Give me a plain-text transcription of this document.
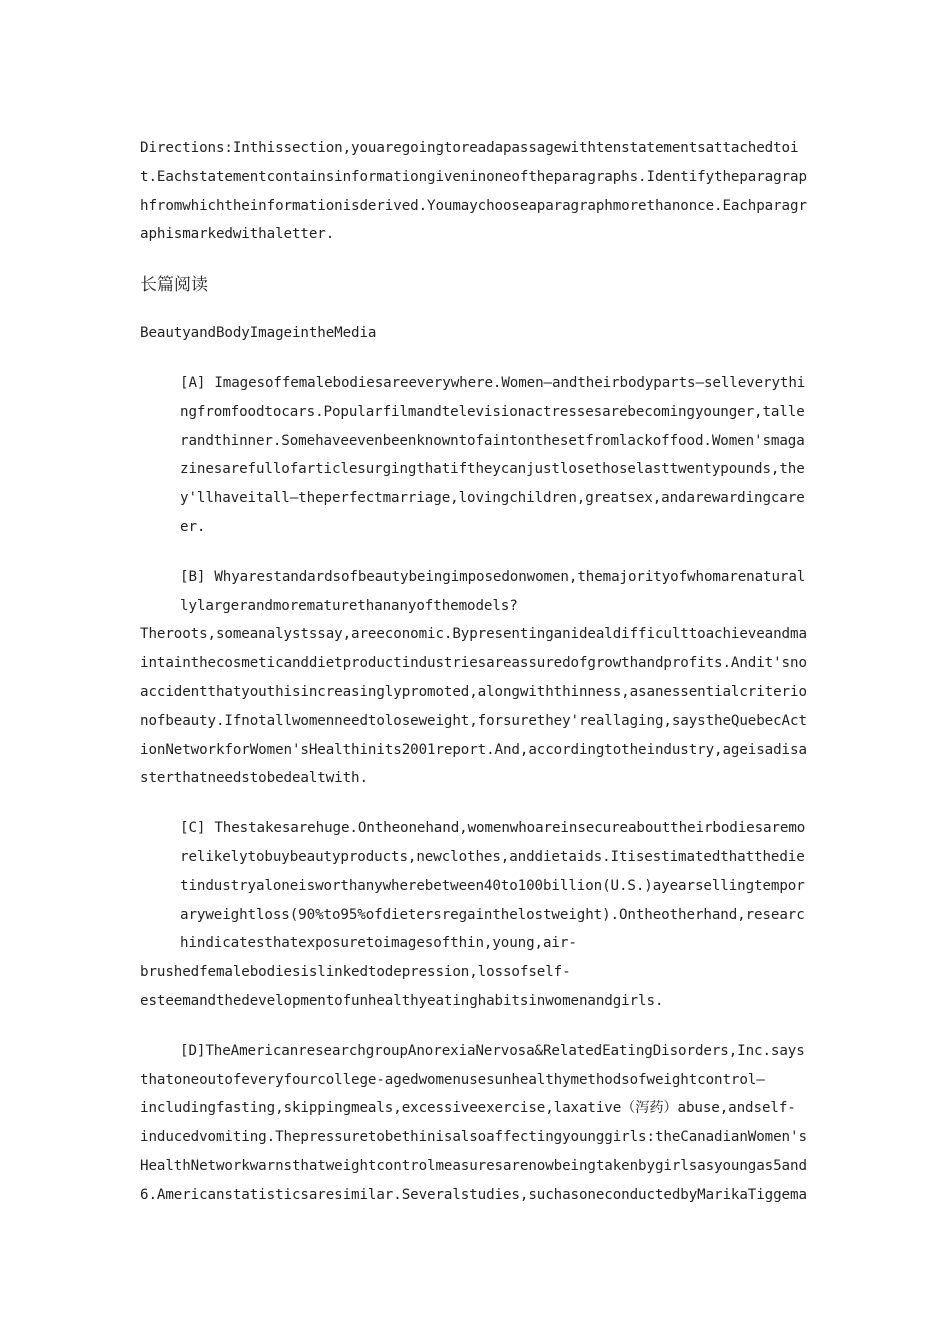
Directions:Inthissection,youaregoingtoreadapassagewithtenstatementsattachedtoit.Eachstatementcontainsinformationgiveninoneoftheparagraphs.Identifytheparagraphfromwhichtheinformationisderived.Youmaychooseaparagraphmorethanonce.Eachparagraphismarkedwithaletter.

长篇阅读

BeautyandBodyImageintheMedia

[A] Imagesoffemalebodiesareeverywhere.Women—andtheirbodyparts—selleverythingfromfoodtocars.Popularfilmandtelevisionactressesarebecomingyounger,tallerandthinner.Somehaveevenbeenknowntofaintonthesetfromlackoffood.Women'smagazinesarefullofarticlesurgingthatiftheycanjustlosethoselasttwentypounds,they'llhaveitall—theperfectmarriage,lovingchildren,greatsex,andarewardingcareer.

[B] Whyarestandardsofbeautybeingimposedonwomen,themajorityofwhomarenaturallylargerandmorematurethananyofthemodels?

Theroots,someanalystssay,areeconomic.Bypresentinganidealdifficulttoachieveandmaintainthecosmeticanddietproductindustriesareassuredofgrowthandprofits.Andit'snoaccidentthatyouthisincreasinglypromoted,alongwiththinness,asanessentialcriterionofbeauty.Ifnotallwomenneedtoloseweight,forsurethey'reallaging,saystheQuebecActionNetworkforWomen'sHealthinits2001report.And,accordingtotheindustry,ageisadisasterthatneedstobedealtwith.

[C] Thestakesarehuge.Ontheonehand,womenwhoareinsecureabouttheirbodiesaremorelikelytobuybeautyproducts,newclothes,anddietaids.Itisestimatedthatthedietindustryaloneisworthanywherebetween40to100billion(U.S.)ayearsellingtemporaryweightloss(90%to95%ofdietersregainthelostweight).Ontheotherhand,researchindicatesthatexposuretoimagesofthin,young,air-

brushedfemalebodiesislinkedtodepression,lossofself-

esteemandthedevelopmentofunhealthyeatinghabitsinwomenandgirls.

[D]TheAmericanresearchgroupAnorexiaNervosa&RelatedEatingDisorders,Inc.says

thatoneoutofeveryfourcollege-agedwomenusesunhealthymethodsofweightcontrol—

includingfasting,skippingmeals,excessiveexercise,laxative（泻药）abuse,andself-

inducedvomiting.Thepressuretobethinisalsoaffectingyounggirls:theCanadianWomen'sHealthNetworkwarnsthatweightcontrolmeasuresarenowbeingtakenbygirlsasyoungas5and6.Americanstatisticsaresimilar.Severalstudies,suchasoneconductedbyMarikaTiggema
